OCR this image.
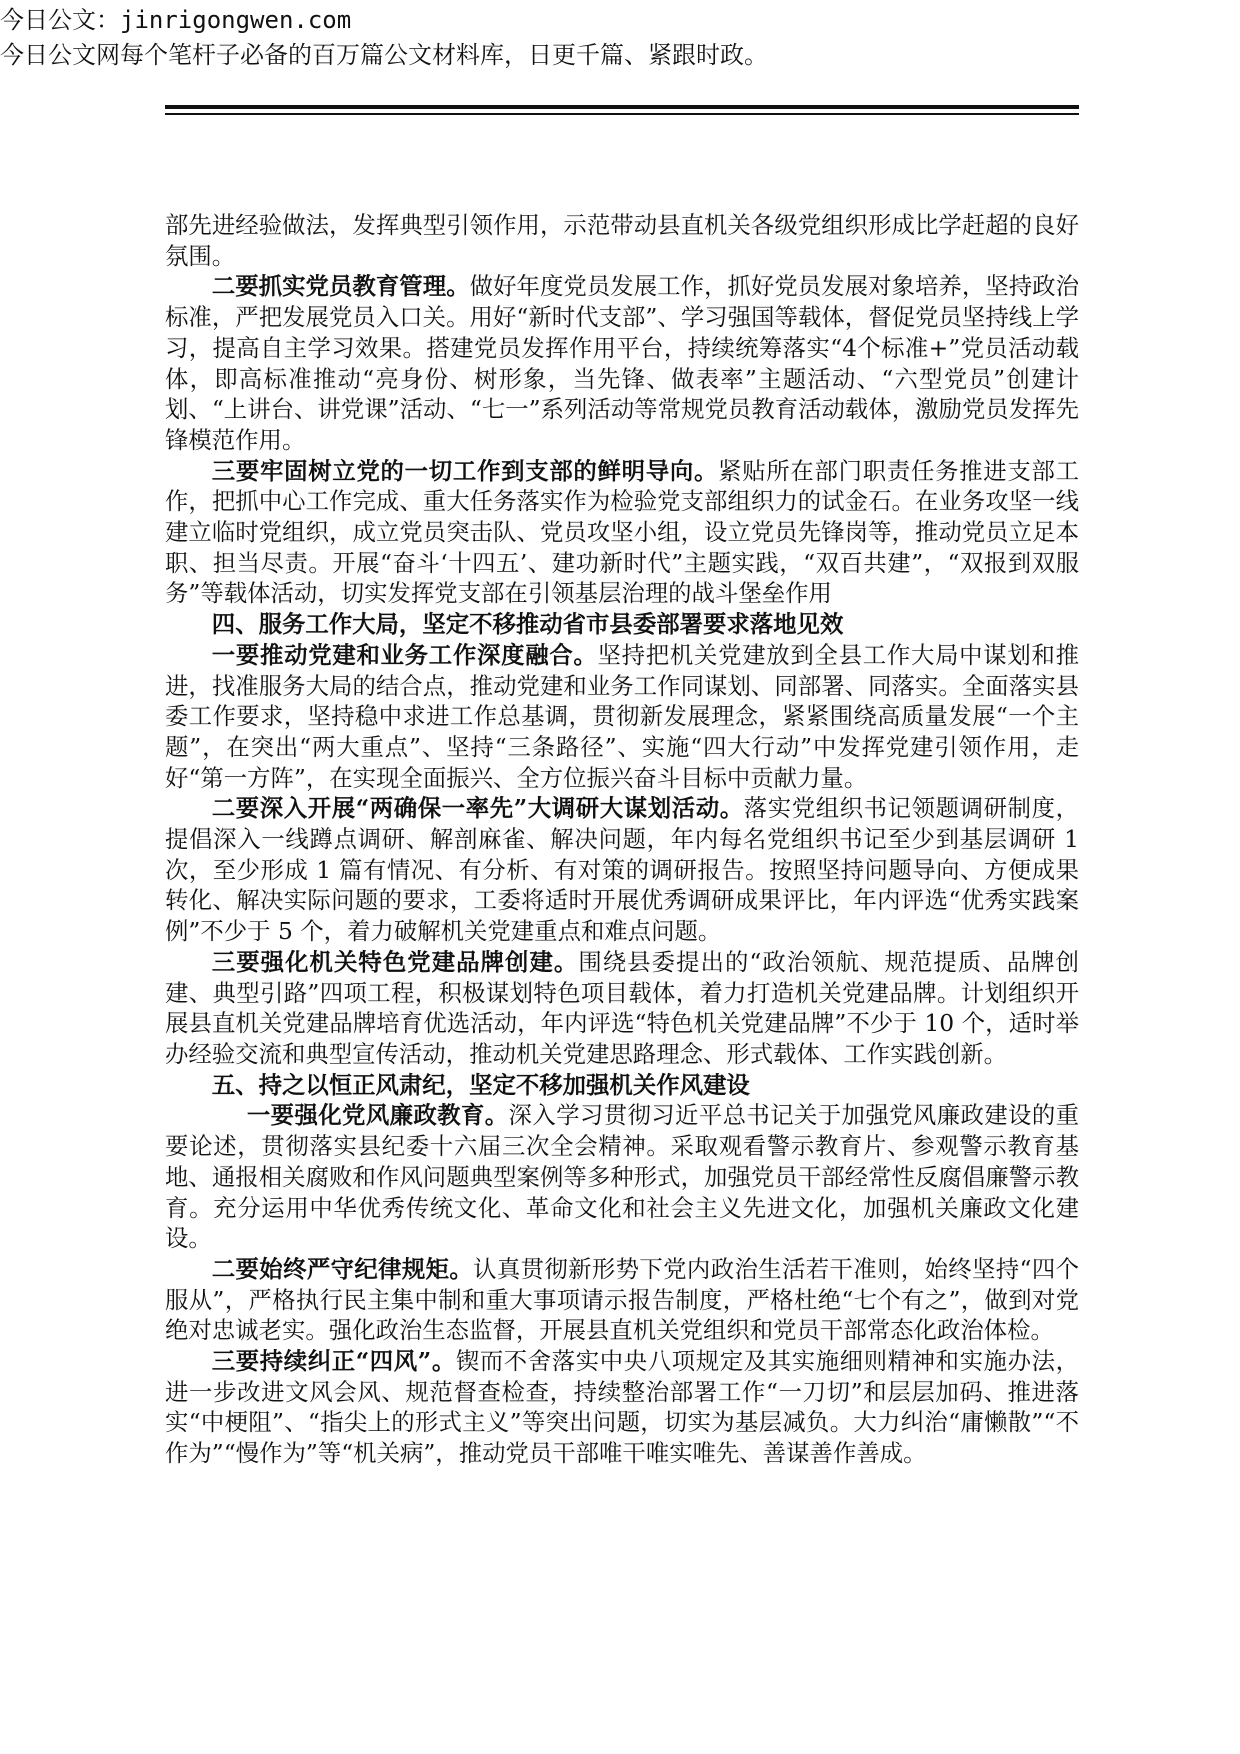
部先进经验做法，发挥典型引领作用，示范带动县直机关各级党组织形成比学赶超的良好氛围。

二要抓实党员教育管理。做好年度党员发展工作，抓好党员发展对象培养，坚持政治标准，严把发展党员入口关。用好“新时代支部”、学习强国等载体，督促党员坚持线上学习，提高自主学习效果。搭建党员发挥作用平台，持续统筹落实“4个标准+”党员活动载体，即高标准推动“亮身份、树形象，当先锋、做表率”主题活动、“六型党员”创建计划、“上讲台、讲党课”活动、“七一”系列活动等常规党员教育活动载体，激励党员发挥先锋模范作用。

三要牢固树立党的一切工作到支部的鲜明导向。紧贴所在部门职责任务推进支部工作，把抓中心工作完成、重大任务落实作为检验党支部组织力的试金石。在业务攻坚一线建立临时党组织，成立党员突击队、党员攻坚小组，设立党员先锋岗等，推动党员立足本职、担当尽责。开展“奋斗‘十四五’、建功新时代”主题实践，“双百共建”，“双报到双服务”等载体活动，切实发挥党支部在引领基层治理的战斗堡垒作用

四、服务工作大局，坚定不移推动省市县委部署要求落地见效

一要推动党建和业务工作深度融合。坚持把机关党建放到全县工作大局中谋划和推进，找准服务大局的结合点，推动党建和业务工作同谋划、同部署、同落实。全面落实县委工作要求，坚持稳中求进工作总基调，贯彻新发展理念，紧紧围绕高质量发展“一个主题”，在突出“两大重点”、坚持“三条路径”、实施“四大行动”中发挥党建引领作用，走好“第一方阵”，在实现全面振兴、全方位振兴奋斗目标中贡献力量。

二要深入开展“两确保一率先”大调研大谋划活动。落实党组织书记领题调研制度，提倡深入一线蹲点调研、解剖麻雀、解决问题，年内每名党组织书记至少到基层调研 1 次，至少形成 1 篇有情况、有分析、有对策的调研报告。按照坚持问题导向、方便成果转化、解决实际问题的要求，工委将适时开展优秀调研成果评比，年内评选“优秀实践案例”不少于 5 个，着力破解机关党建重点和难点问题。

三要强化机关特色党建品牌创建。围绕县委提出的“政治领航、规范提质、品牌创建、典型引路”四项工程，积极谋划特色项目载体，着力打造机关党建品牌。计划组织开展县直机关党建品牌培育优选活动，年内评选“特色机关党建品牌”不少于 10 个，适时举办经验交流和典型宣传活动，推动机关党建思路理念、形式载体、工作实践创新。

五、持之以恒正风肃纪，坚定不移加强机关作风建设

一要强化党风廉政教育。深入学习贯彻习近平总书记关于加强党风廉政建设的重要论述，贯彻落实县纪委十六届三次全会精神。采取观看警示教育片、参观警示教育基地、通报相关腐败和作风问题典型案例等多种形式，加强党员干部经常性反腐倡廉警示教育。充分运用中华优秀传统文化、革命文化和社会主义先进文化，加强机关廉政文化建设。

二要始终严守纪律规矩。认真贯彻新形势下党内政治生活若干准则，始终坚持“四个服从”，严格执行民主集中制和重大事项请示报告制度，严格杜绝“七个有之”，做到对党绝对忠诚老实。强化政治生态监督，开展县直机关党组织和党员干部常态化政治体检。

三要持续纠正“四风”。锲而不舍落实中央八项规定及其实施细则精神和实施办法，进一步改进文风会风、规范督查检查，持续整治部署工作“一刀切”和层层加码、推进落实“中梗阻”、“指尖上的形式主义”等突出问题，切实为基层减负。大力纠治“庸懒散”“不作为”“慢作为”等“机关病”，推动党员干部唯干唯实唯先、善谋善作善成。

今日公文：jinrigongwen.com
今日公文网每个笔杆子必备的百万篇公文材料库，日更千篇、紧跟时政。
